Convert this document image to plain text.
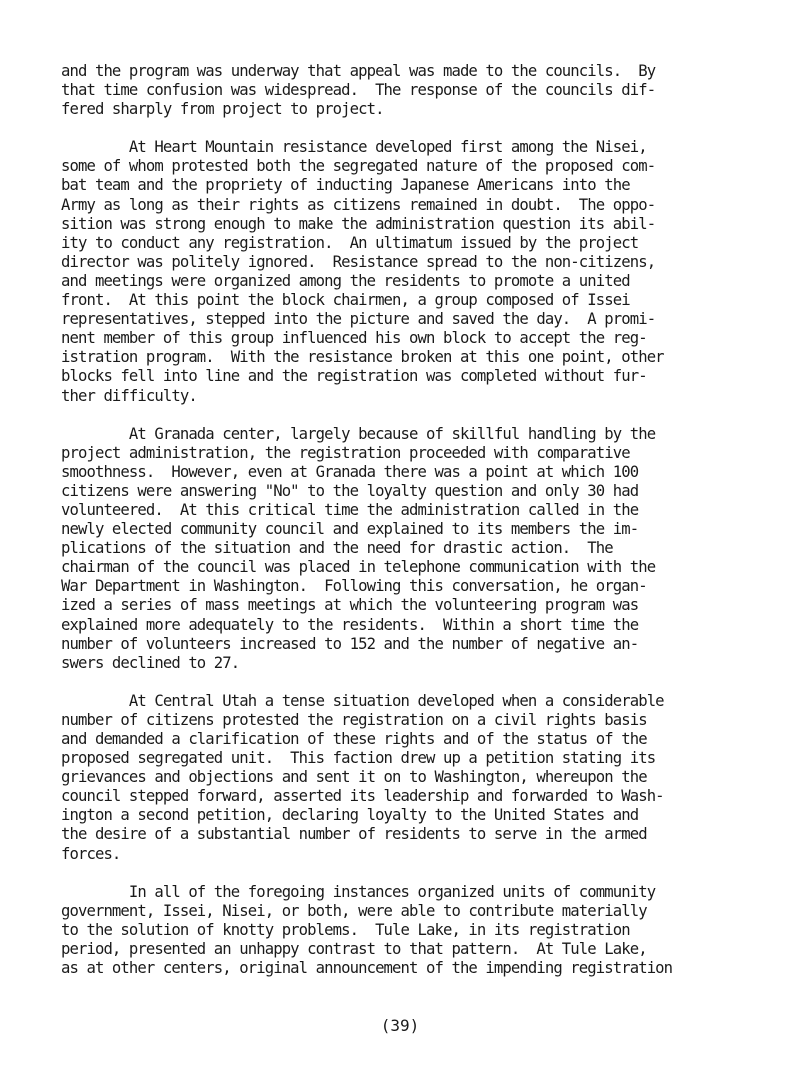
and the program was underway that appeal was made to the councils.  By
that time confusion was widespread.  The response of the councils dif-
fered sharply from project to project.
At Heart Mountain resistance developed first among the Nisei,
some of whom protested both the segregated nature of the proposed com-
bat team and the propriety of inducting Japanese Americans into the
Army as long as their rights as citizens remained in doubt.  The oppo-
sition was strong enough to make the administration question its abil-
ity to conduct any registration.  An ultimatum issued by the project
director was politely ignored.  Resistance spread to the non-citizens,
and meetings were organized among the residents to promote a united
front.  At this point the block chairmen, a group composed of Issei
representatives, stepped into the picture and saved the day.  A promi-
nent member of this group influenced his own block to accept the reg-
istration program.  With the resistance broken at this one point, other
blocks fell into line and the registration was completed without fur-
ther difficulty.
At Granada center, largely because of skillful handling by the
project administration, the registration proceeded with comparative
smoothness.  However, even at Granada there was a point at which 100
citizens were answering "No" to the loyalty question and only 30 had
volunteered.  At this critical time the administration called in the
newly elected community council and explained to its members the im-
plications of the situation and the need for drastic action.  The
chairman of the council was placed in telephone communication with the
War Department in Washington.  Following this conversation, he organ-
ized a series of mass meetings at which the volunteering program was
explained more adequately to the residents.  Within a short time the
number of volunteers increased to 152 and the number of negative an-
swers declined to 27.
At Central Utah a tense situation developed when a considerable
number of citizens protested the registration on a civil rights basis
and demanded a clarification of these rights and of the status of the
proposed segregated unit.  This faction drew up a petition stating its
grievances and objections and sent it on to Washington, whereupon the
council stepped forward, asserted its leadership and forwarded to Wash-
ington a second petition, declaring loyalty to the United States and
the desire of a substantial number of residents to serve in the armed
forces.
In all of the foregoing instances organized units of community
government, Issei, Nisei, or both, were able to contribute materially
to the solution of knotty problems.  Tule Lake, in its registration
period, presented an unhappy contrast to that pattern.  At Tule Lake,
as at other centers, original announcement of the impending registration
(39)
